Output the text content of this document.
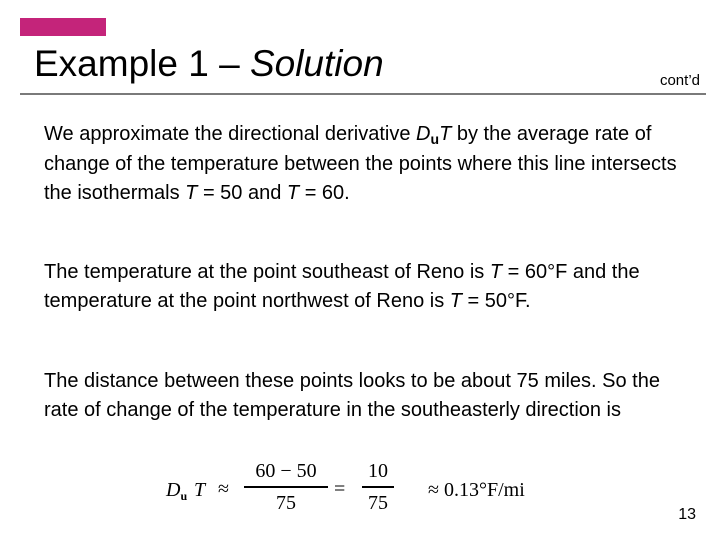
Example 1 – Solution	cont’d
We approximate the directional derivative $D_uT$ by the average rate of change of the temperature between the points where this line intersects the isothermals T = 50 and T = 60.
The temperature at the point southeast of Reno is T = 60°F and the temperature at the point northwest of Reno is T = 50°F.
The distance between these points looks to be about 75 miles. So the rate of change of the temperature in the southeasterly direction is
$D_u$ T ≈
60 − 50
75
=
10
75
≈ 0.13°F/mi
13
